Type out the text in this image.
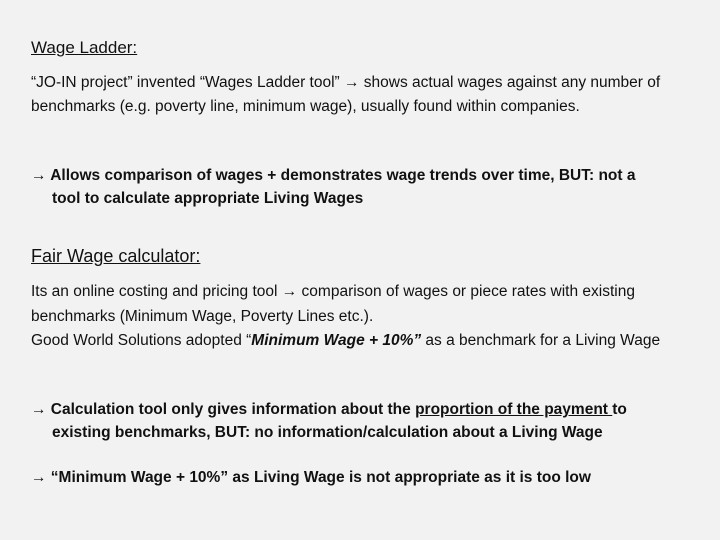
Wage Ladder:
“JO-IN project” invented “Wages Ladder tool” → shows actual wages against any number of benchmarks (e.g. poverty line, minimum wage), usually found within companies.
→ Allows comparison of wages + demonstrates wage trends over time, BUT: not a
tool to calculate appropriate Living Wages
Fair Wage calculator:
Its an online costing and pricing tool → comparison of wages or piece rates with existing benchmarks (Minimum Wage, Poverty Lines etc.).
Good World Solutions adopted “Minimum Wage + 10%” as a benchmark for a Living Wage
→ Calculation tool only gives information about the proportion of the payment to
existing benchmarks, BUT: no information/calculation about a Living Wage
→ “Minimum Wage + 10%” as Living Wage is not appropriate as it is too low
